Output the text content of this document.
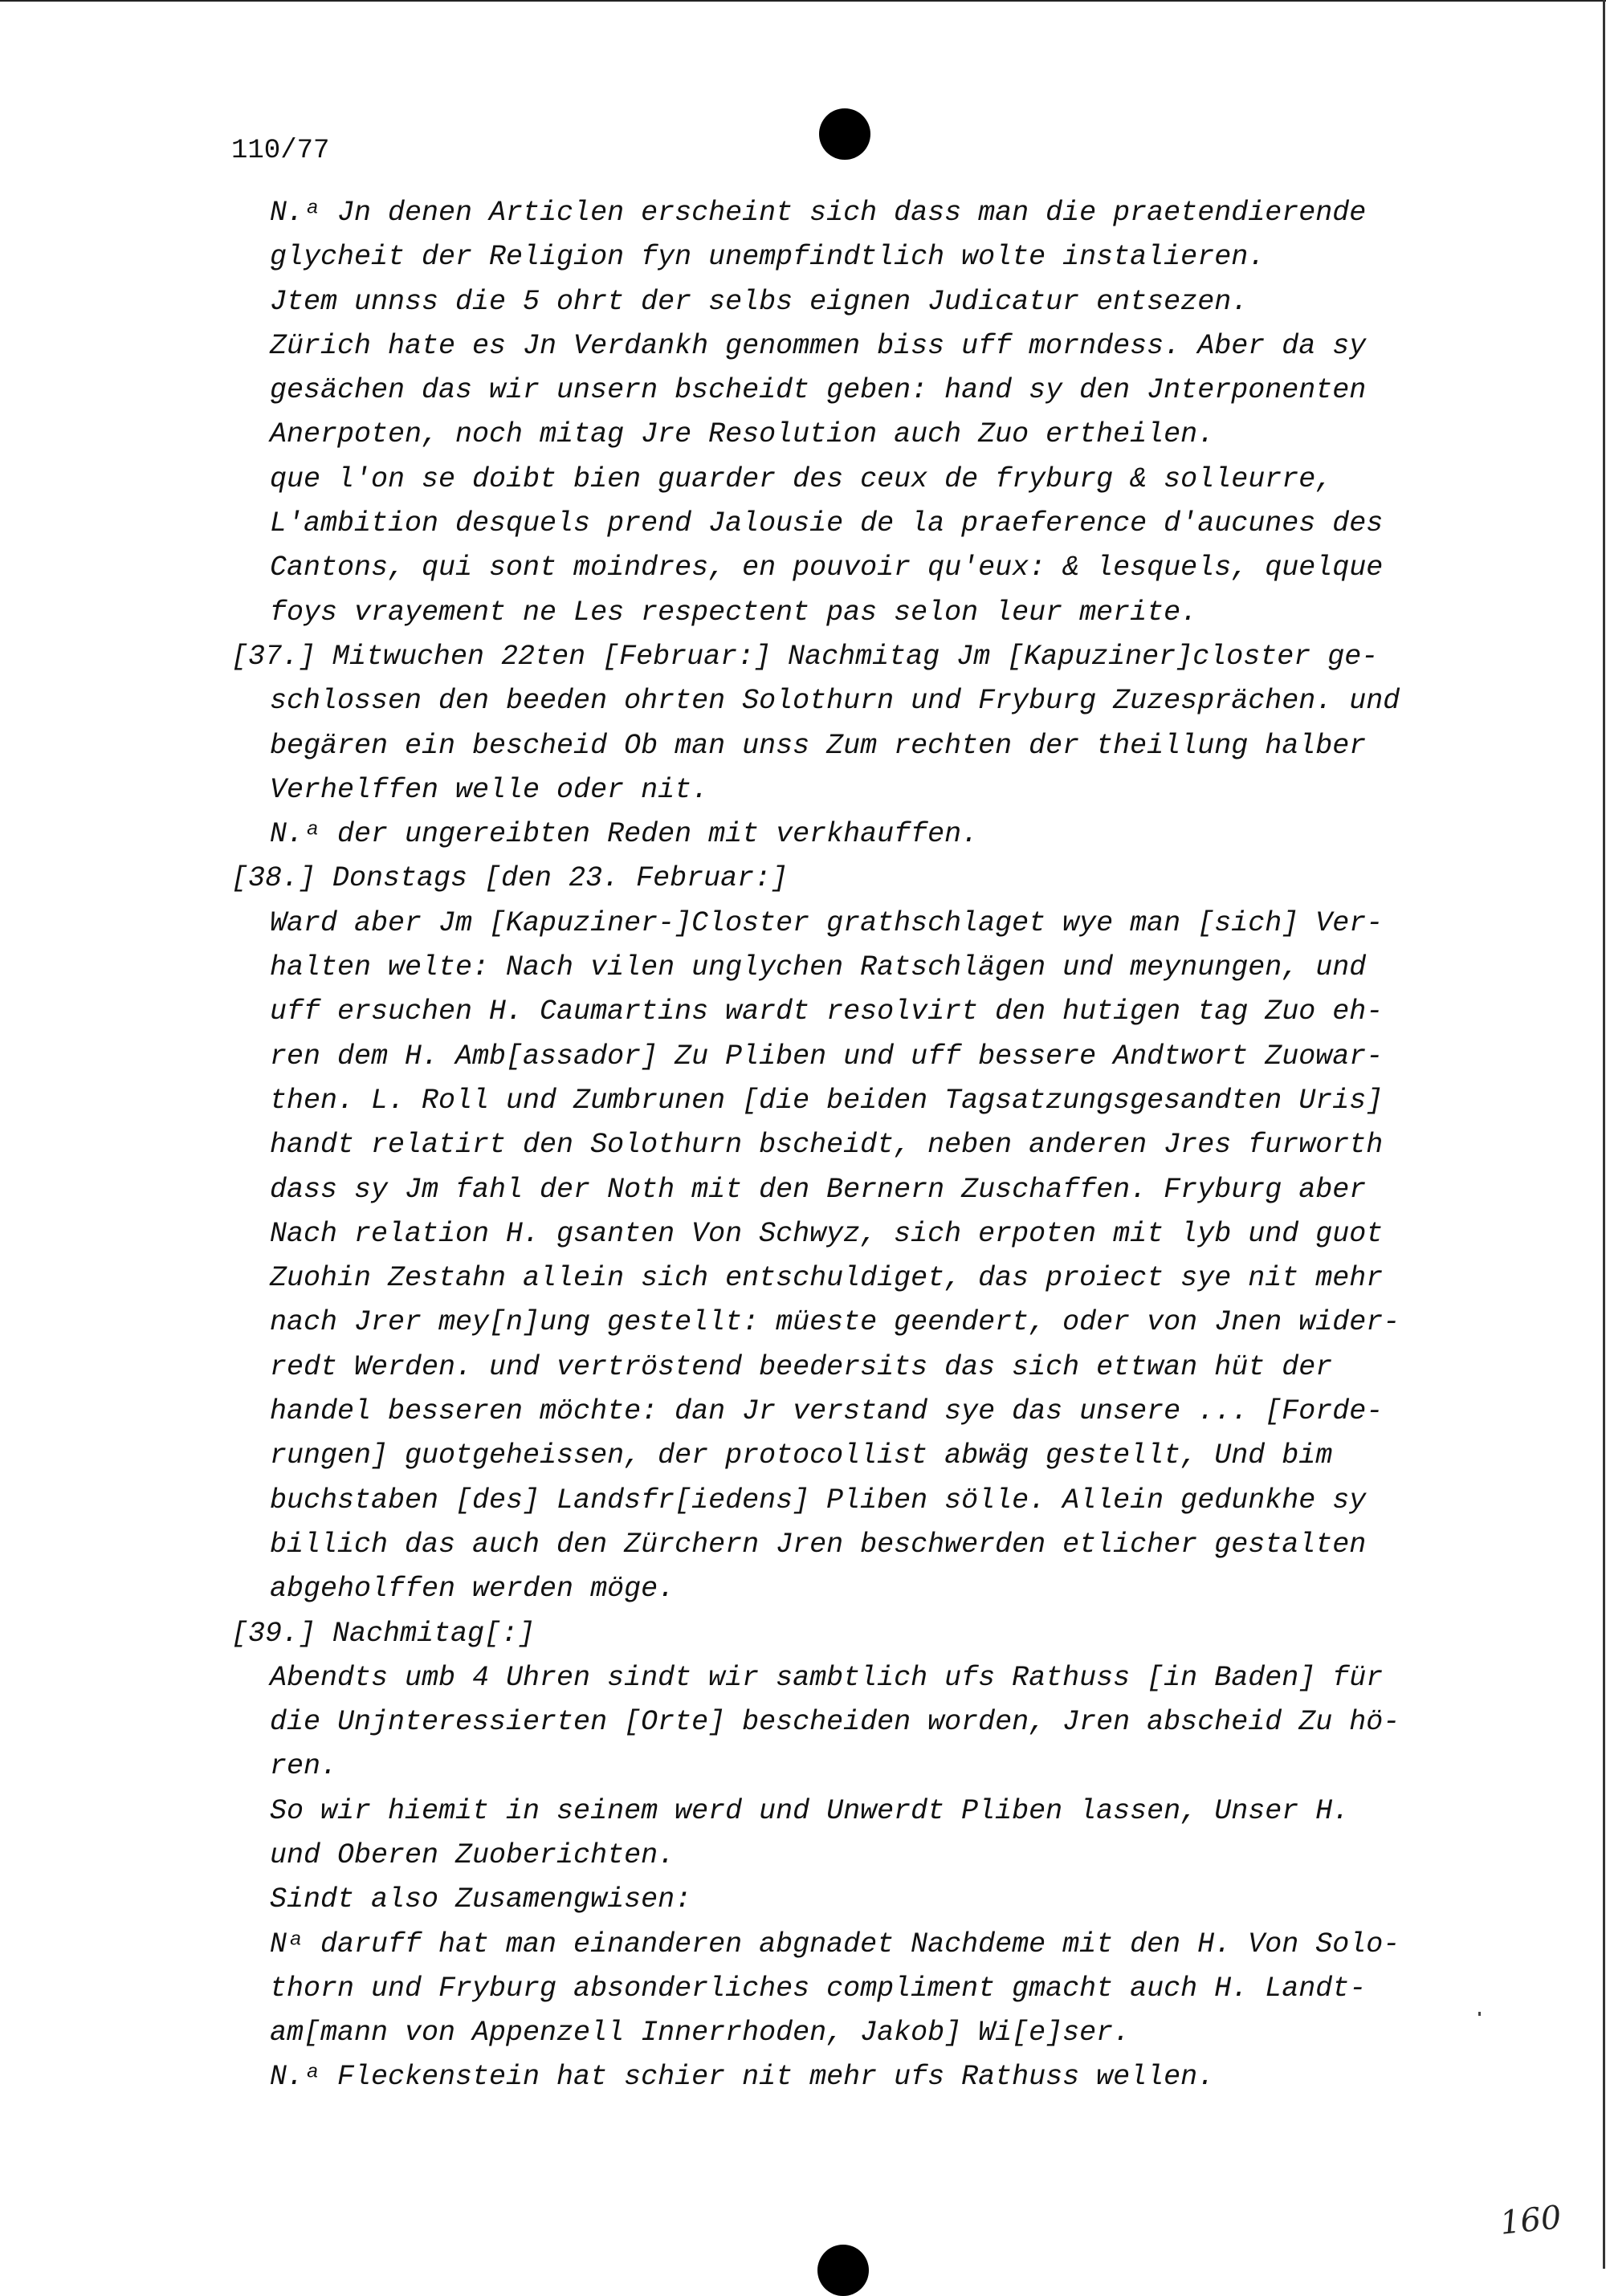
110/77
N.ᵃ Jn denen Articlen erscheint sich dass man die praetendierende
glycheit der Religion fyn unempfindtlich wolte instalieren.
Jtem unnss die 5 ohrt der selbs eignen Judicatur entsezen.
Zürich hate es Jn Verdankh genommen biss uff morndess. Aber da sy
gesächen das wir unsern bscheidt geben: hand sy den Jnterponenten
Anerpoten, noch mitag Jre Resolution auch Zuo ertheilen.
que l'on se doibt bien guarder des ceux de fryburg & solleurre,
L'ambition desquels prend Jalousie de la praeference d'aucunes des
Cantons, qui sont moindres, en pouvoir qu'eux: & lesquels, quelque
foys vrayement ne Les respectent pas selon leur merite.
[37.] Mitwuchen 22ten [Februar:] Nachmitag Jm [Kapuziner]closter ge-
schlossen den beeden ohrten Solothurn und Fryburg Zuzesprächen. und
begären ein bescheid Ob man unss Zum rechten der theillung halber
Verhelffen welle oder nit.
N.ᵃ der ungereibten Reden mit verkhauffen.
[38.] Donstags [den 23. Februar:]
Ward aber Jm [Kapuziner-]Closter grathschlaget wye man [sich] Ver-
halten welte: Nach vilen unglychen Ratschlägen und meynungen, und
uff ersuchen H. Caumartins wardt resolvirt den hutigen tag Zuo eh-
ren dem H. Amb[assador] Zu Pliben und uff bessere Andtwort Zuowar-
then. L. Roll und Zumbrunen [die beiden Tagsatzungsgesandten Uris]
handt relatirt den Solothurn bscheidt, neben anderen Jres furworth
dass sy Jm fahl der Noth mit den Bernern Zuschaffen. Fryburg aber
Nach relation H. gsanten Von Schwyz, sich erpoten mit lyb und guot
Zuohin Zestahn allein sich entschuldiget, das proiect sye nit mehr
nach Jrer mey[n]ung gestellt: müeste geendert, oder von Jnen wider-
redt Werden. und vertröstend beedersits das sich ettwan hüt der
handel besseren möchte: dan Jr verstand sye das unsere ... [Forde-
rungen] guotgeheissen, der protocollist abwäg gestellt, Und bim
buchstaben [des] Landsfr[iedens] Pliben sölle. Allein gedunkhe sy
billich das auch den Zürchern Jren beschwerden etlicher gestalten
abgeholffen werden möge.
[39.] Nachmitag[:]
Abendts umb 4 Uhren sindt wir sambtlich ufs Rathuss [in Baden] für
die Unjnteressierten [Orte] bescheiden worden, Jren abscheid Zu hö-
ren.
So wir hiemit in seinem werd und Unwerdt Pliben lassen, Unser H.
und Oberen Zuoberichten.
Sindt also Zusamengwisen:
Nᵃ daruff hat man einanderen abgnadet Nachdeme mit den H. Von Solo-
thorn und Fryburg absonderliches compliment gmacht auch H. Landt-
am[mann von Appenzell Innerrhoden, Jakob] Wi[e]ser.
N.ᵃ Fleckenstein hat schier nit mehr ufs Rathuss wellen.
160
